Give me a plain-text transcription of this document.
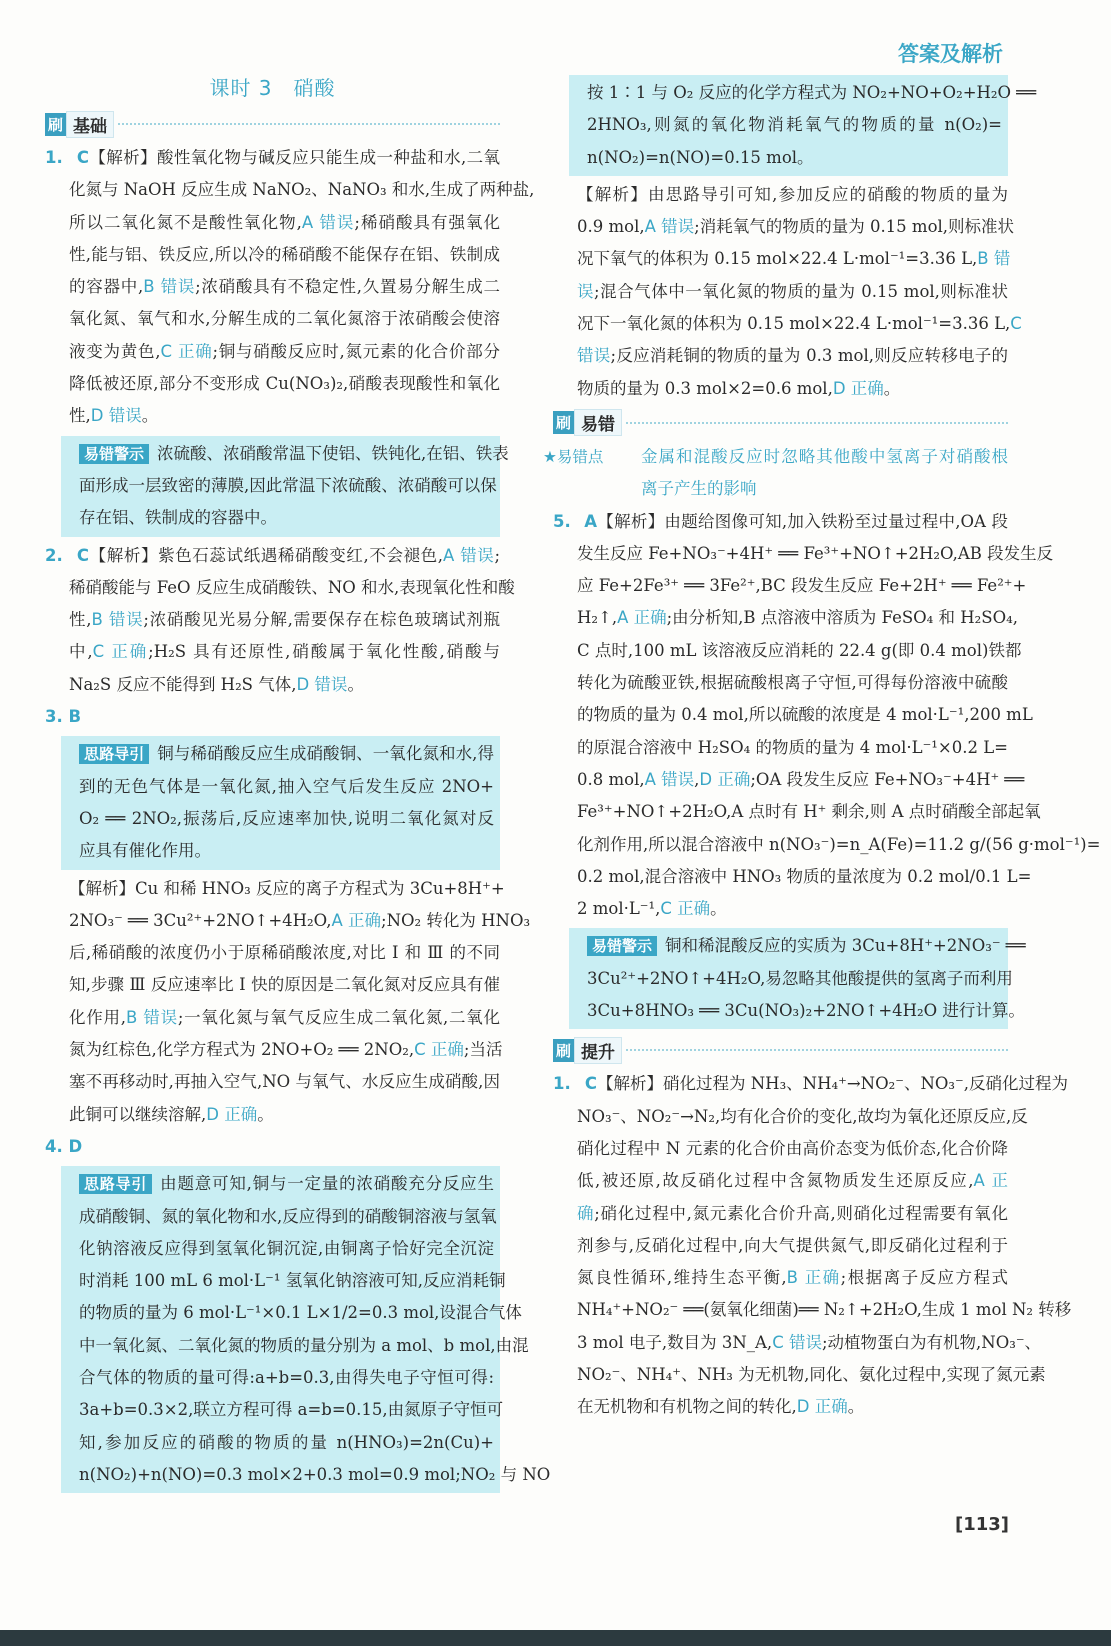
答案及解析
课时 3　硝酸
刷 基础
1. C【解析】酸性氧化物与碱反应只能生成一种盐和水,二氧
化氮与 NaOH 反应生成 NaNO₂、NaNO₃ 和水,生成了两种盐,
所以二氧化氮不是酸性氧化物,A 错误;稀硝酸具有强氧化
性,能与铝、铁反应,所以冷的稀硝酸不能保存在铝、铁制成
的容器中,B 错误;浓硝酸具有不稳定性,久置易分解生成二
氧化氮、氧气和水,分解生成的二氧化氮溶于浓硝酸会使溶
液变为黄色,C 正确;铜与硝酸反应时,氮元素的化合价部分
降低被还原,部分不变形成 Cu(NO₃)₂,硝酸表现酸性和氧化
性,D 错误。
易错警示 浓硫酸、浓硝酸常温下使铝、铁钝化,在铝、铁表
面形成一层致密的薄膜,因此常温下浓硫酸、浓硝酸可以保
存在铝、铁制成的容器中。
2. C【解析】紫色石蕊试纸遇稀硝酸变红,不会褪色,A 错误;
稀硝酸能与 FeO 反应生成硝酸铁、NO 和水,表现氧化性和酸
性,B 错误;浓硝酸见光易分解,需要保存在棕色玻璃试剂瓶
中,C 正确;H₂S 具有还原性,硝酸属于氧化性酸,硝酸与
Na₂S 反应不能得到 H₂S 气体,D 错误。
3. B
思路导引 铜与稀硝酸反应生成硝酸铜、一氧化氮和水,得
到的无色气体是一氧化氮,抽入空气后发生反应 2NO+
O₂ ══ 2NO₂,振荡后,反应速率加快,说明二氧化氮对反
应具有催化作用。
【解析】Cu 和稀 HNO₃ 反应的离子方程式为 3Cu+8H⁺+
2NO₃⁻ ══ 3Cu²⁺+2NO↑+4H₂O,A 正确;NO₂ 转化为 HNO₃
后,稀硝酸的浓度仍小于原稀硝酸浓度,对比 Ⅰ 和 Ⅲ 的不同
知,步骤 Ⅲ 反应速率比 Ⅰ 快的原因是二氧化氮对反应具有催
化作用,B 错误;一氧化氮与氧气反应生成二氧化氮,二氧化
氮为红棕色,化学方程式为 2NO+O₂ ══ 2NO₂,C 正确;当活
塞不再移动时,再抽入空气,NO 与氧气、水反应生成硝酸,因
此铜可以继续溶解,D 正确。
4. D
思路导引 由题意可知,铜与一定量的浓硝酸充分反应生
成硝酸铜、氮的氧化物和水,反应得到的硝酸铜溶液与氢氧
化钠溶液反应得到氢氧化铜沉淀,由铜离子恰好完全沉淀
时消耗 100 mL 6 mol·L⁻¹ 氢氧化钠溶液可知,反应消耗铜
的物质的量为 6 mol·L⁻¹×0.1 L×1/2=0.3 mol,设混合气体
中一氧化氮、二氧化氮的物质的量分别为 a mol、b mol,由混
合气体的物质的量可得:a+b=0.3,由得失电子守恒可得:
3a+b=0.3×2,联立方程可得 a=b=0.15,由氮原子守恒可
知,参加反应的硝酸的物质的量 n(HNO₃)=2n(Cu)+
n(NO₂)+n(NO)=0.3 mol×2+0.3 mol=0.9 mol;NO₂ 与 NO
按 1∶1 与 O₂ 反应的化学方程式为 NO₂+NO+O₂+H₂O ══
2HNO₃,则氮的氧化物消耗氧气的物质的量 n(O₂)=
n(NO₂)=n(NO)=0.15 mol。
【解析】由思路导引可知,参加反应的硝酸的物质的量为
0.9 mol,A 错误;消耗氧气的物质的量为 0.15 mol,则标准状
况下氧气的体积为 0.15 mol×22.4 L·mol⁻¹=3.36 L,B 错
误;混合气体中一氧化氮的物质的量为 0.15 mol,则标准状
况下一氧化氮的体积为 0.15 mol×22.4 L·mol⁻¹=3.36 L,C
错误;反应消耗铜的物质的量为 0.3 mol,则反应转移电子的
物质的量为 0.3 mol×2=0.6 mol,D 正确。
刷 易错
★易错点 金属和混酸反应时忽略其他酸中氢离子对硝酸根
离子产生的影响
5. A【解析】由题给图像可知,加入铁粉至过量过程中,OA 段
发生反应 Fe+NO₃⁻+4H⁺ ══ Fe³⁺+NO↑+2H₂O,AB 段发生反
应 Fe+2Fe³⁺ ══ 3Fe²⁺,BC 段发生反应 Fe+2H⁺ ══ Fe²⁺+
H₂↑,A 正确;由分析知,B 点溶液中溶质为 FeSO₄ 和 H₂SO₄,
C 点时,100 mL 该溶液反应消耗的 22.4 g(即 0.4 mol)铁都
转化为硫酸亚铁,根据硫酸根离子守恒,可得每份溶液中硫酸
的物质的量为 0.4 mol,所以硫酸的浓度是 4 mol·L⁻¹,200 mL
的原混合溶液中 H₂SO₄ 的物质的量为 4 mol·L⁻¹×0.2 L=
0.8 mol,A 错误,D 正确;OA 段发生反应 Fe+NO₃⁻+4H⁺ ══
Fe³⁺+NO↑+2H₂O,A 点时有 H⁺ 剩余,则 A 点时硝酸全部起氧
化剂作用,所以混合溶液中 n(NO₃⁻)=n_A(Fe)=11.2 g/(56 g·mol⁻¹)=
0.2 mol,混合溶液中 HNO₃ 物质的量浓度为 0.2 mol/0.1 L=
2 mol·L⁻¹,C 正确。
易错警示 铜和稀混酸反应的实质为 3Cu+8H⁺+2NO₃⁻ ══
3Cu²⁺+2NO↑+4H₂O,易忽略其他酸提供的氢离子而利用
3Cu+8HNO₃ ══ 3Cu(NO₃)₂+2NO↑+4H₂O 进行计算。
刷 提升
1. C【解析】硝化过程为 NH₃、NH₄⁺→NO₂⁻、NO₃⁻,反硝化过程为
NO₃⁻、NO₂⁻→N₂,均有化合价的变化,故均为氧化还原反应,反
硝化过程中 N 元素的化合价由高价态变为低价态,化合价降
低,被还原,故反硝化过程中含氮物质发生还原反应,A 正
确;硝化过程中,氮元素化合价升高,则硝化过程需要有氧化
剂参与,反硝化过程中,向大气提供氮气,即反硝化过程利于
氮良性循环,维持生态平衡,B 正确;根据离子反应方程式
NH₄⁺+NO₂⁻ ══(氨氧化细菌)══ N₂↑+2H₂O,生成 1 mol N₂ 转移
3 mol 电子,数目为 3N_A,C 错误;动植物蛋白为有机物,NO₃⁻、
NO₂⁻、NH₄⁺、NH₃ 为无机物,同化、氨化过程中,实现了氮元素
在无机物和有机物之间的转化,D 正确。
[113]
